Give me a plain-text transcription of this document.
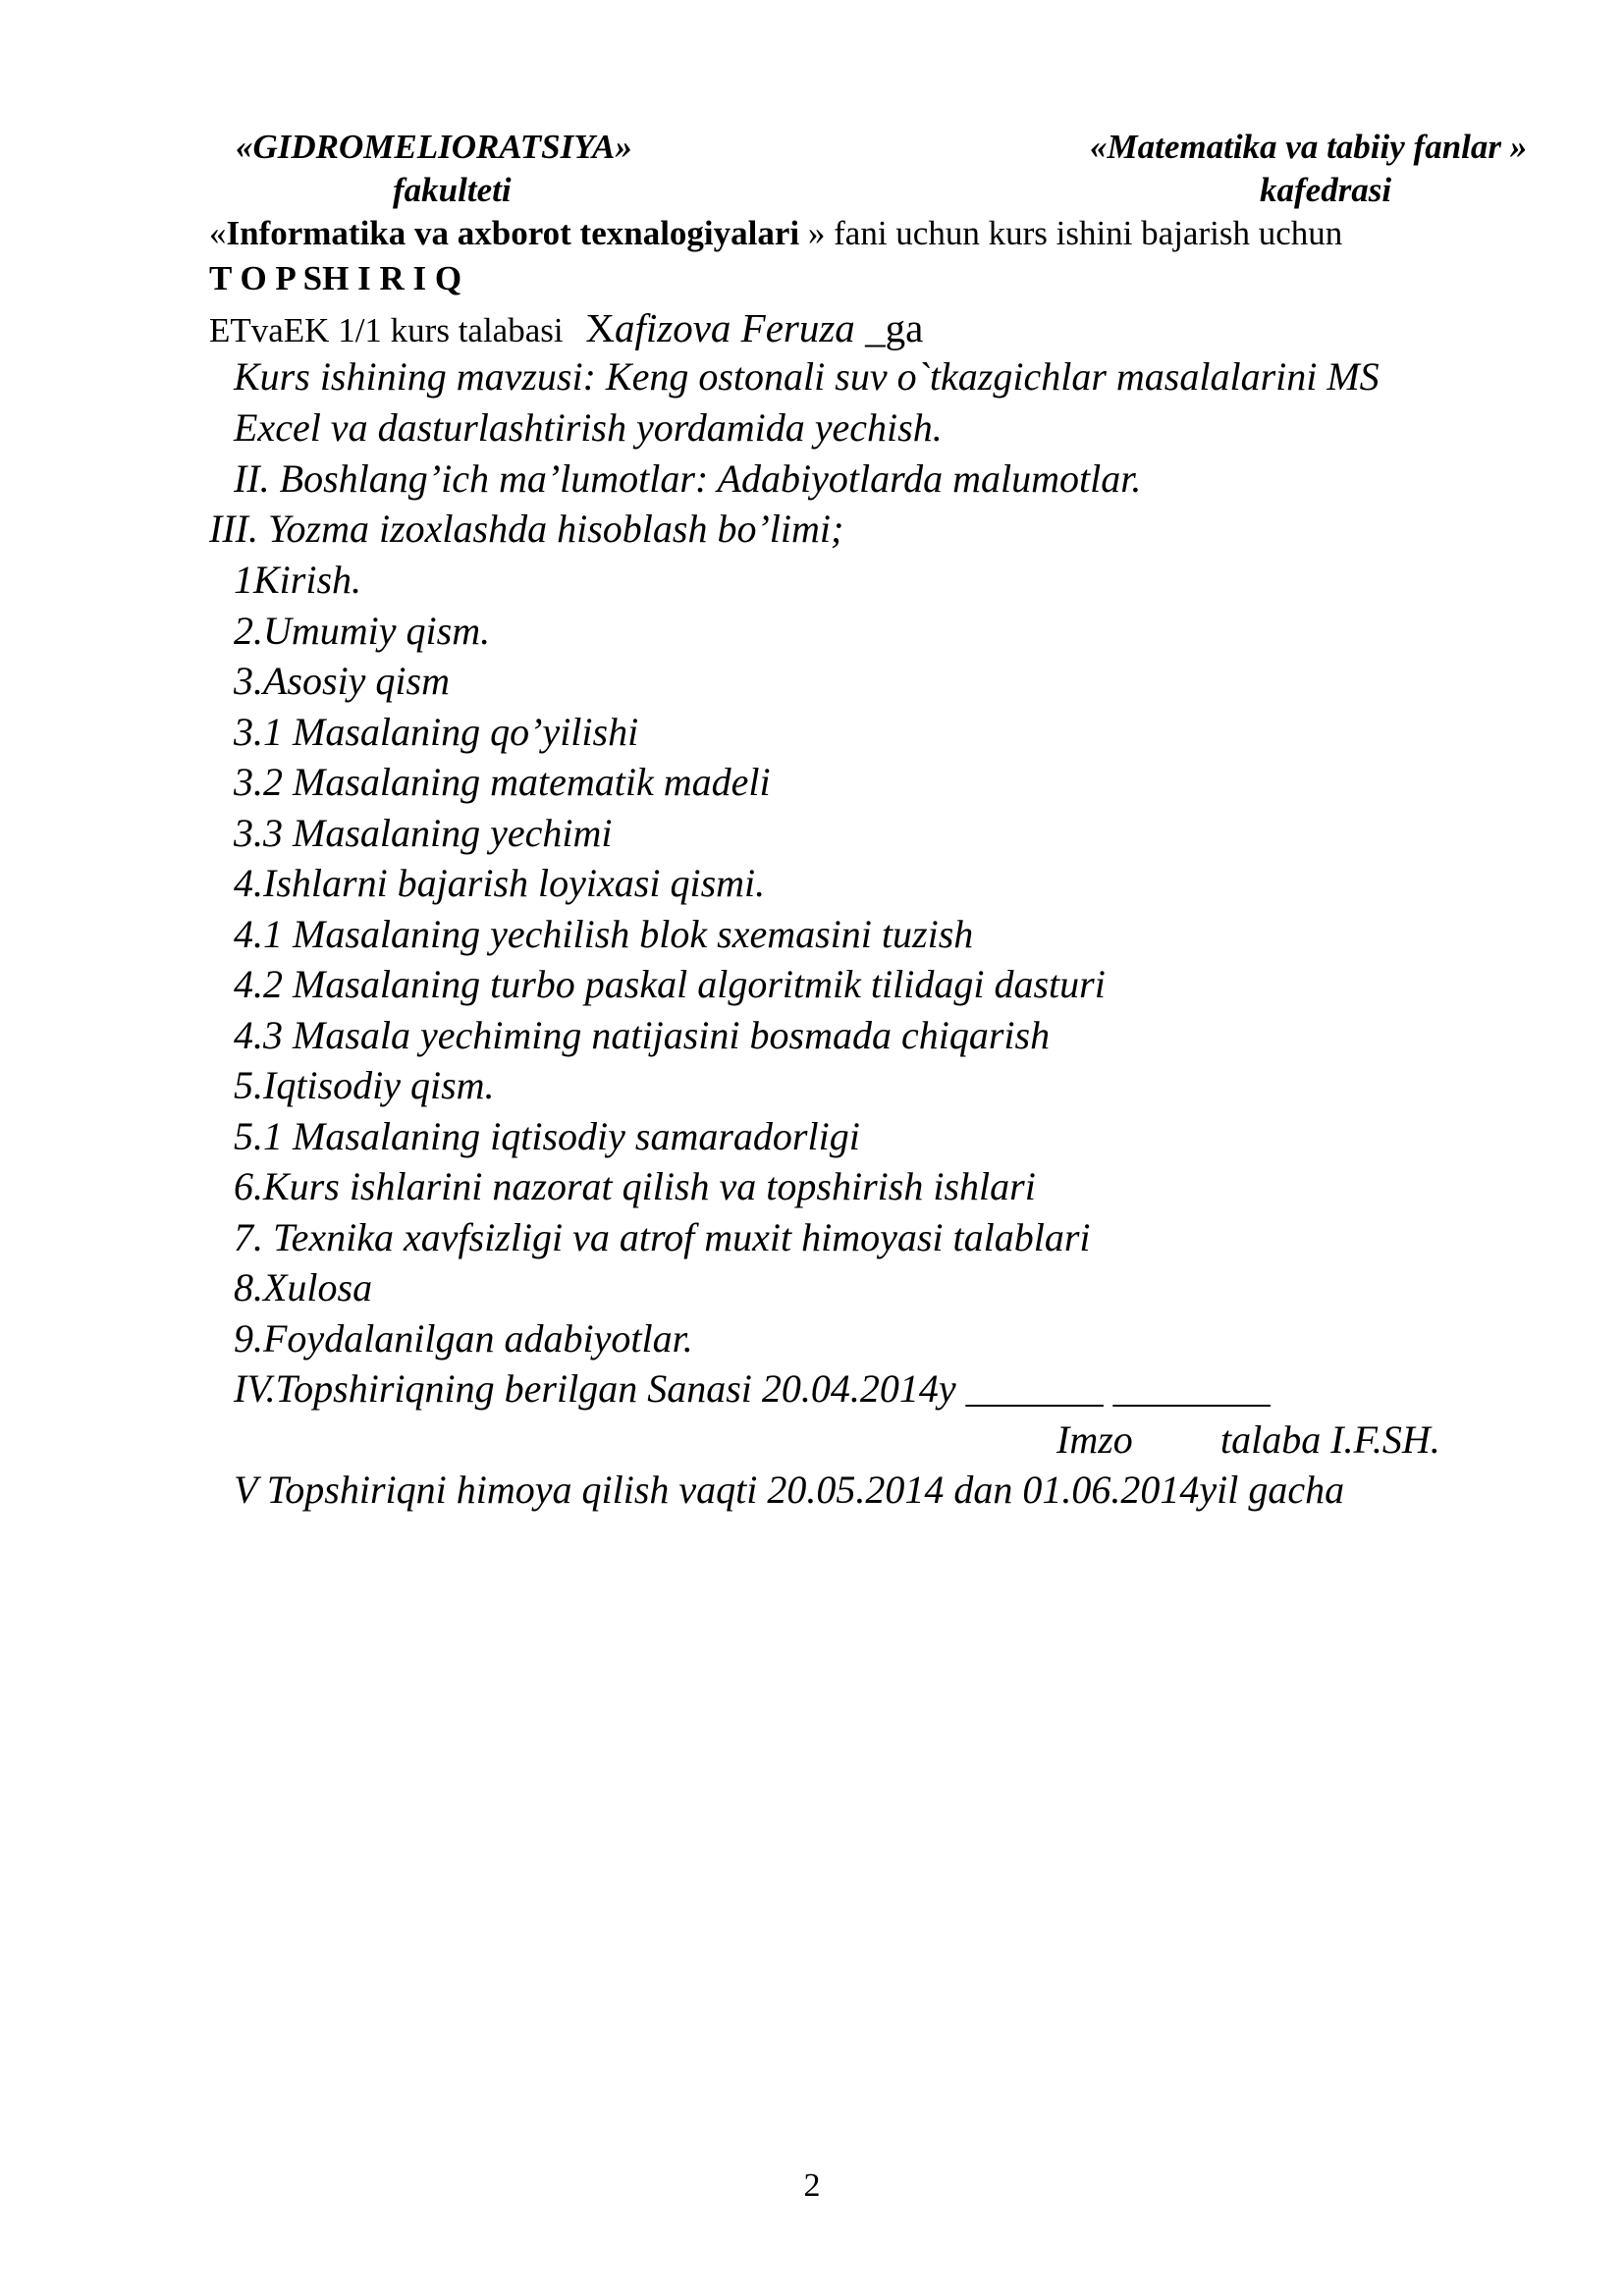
«GIDROMELIORATSIYA»
fakulteti
«Matematika va tabiiy fanlar »
kafedrasi
«Informatika va axborot texnalogiyalari » fani uchun kurs ishini bajarish uchun
T O P SH I R I Q
ETvaEK 1/1 kurs talabasi Xafizova Feruza _ga
Kurs ishining mavzusi: Keng ostonali suv o`tkazgichlar masalalarini MS
Excel va dasturlashtirish yordamida yechish.
II. Boshlang’ich ma’lumotlar: Adabiyotlarda malumotlar.
III. Yozma izoxlashda hisoblash bo’limi;
1Kirish.
2.Umumiy qism.
3.Asosiy qism
3.1 Masalaning qo’yilishi
3.2 Masalaning matematik madeli
3.3 Masalaning yechimi
4.Ishlarni bajarish loyixasi qismi.
4.1 Masalaning yechilish blok sxemasini tuzish
4.2 Masalaning turbo paskal algoritmik tilidagi dasturi
4.3 Masala yechiming natijasini bosmada chiqarish
5.Iqtisodiy qism.
5.1 Masalaning iqtisodiy samaradorligi
6.Kurs ishlarini nazorat qilish va topshirish ishlari
7. Texnika xavfsizligi va atrof muxit himoyasi talablari
8.Xulosa
9.Foydalanilgan adabiyotlar.
IV.Topshiriqning berilgan Sanasi 20.04.2014y _______ ________
Imzo talaba I.F.SH.
V Topshiriqni himoya qilish vaqti 20.05.2014 dan 01.06.2014yil gacha
2
